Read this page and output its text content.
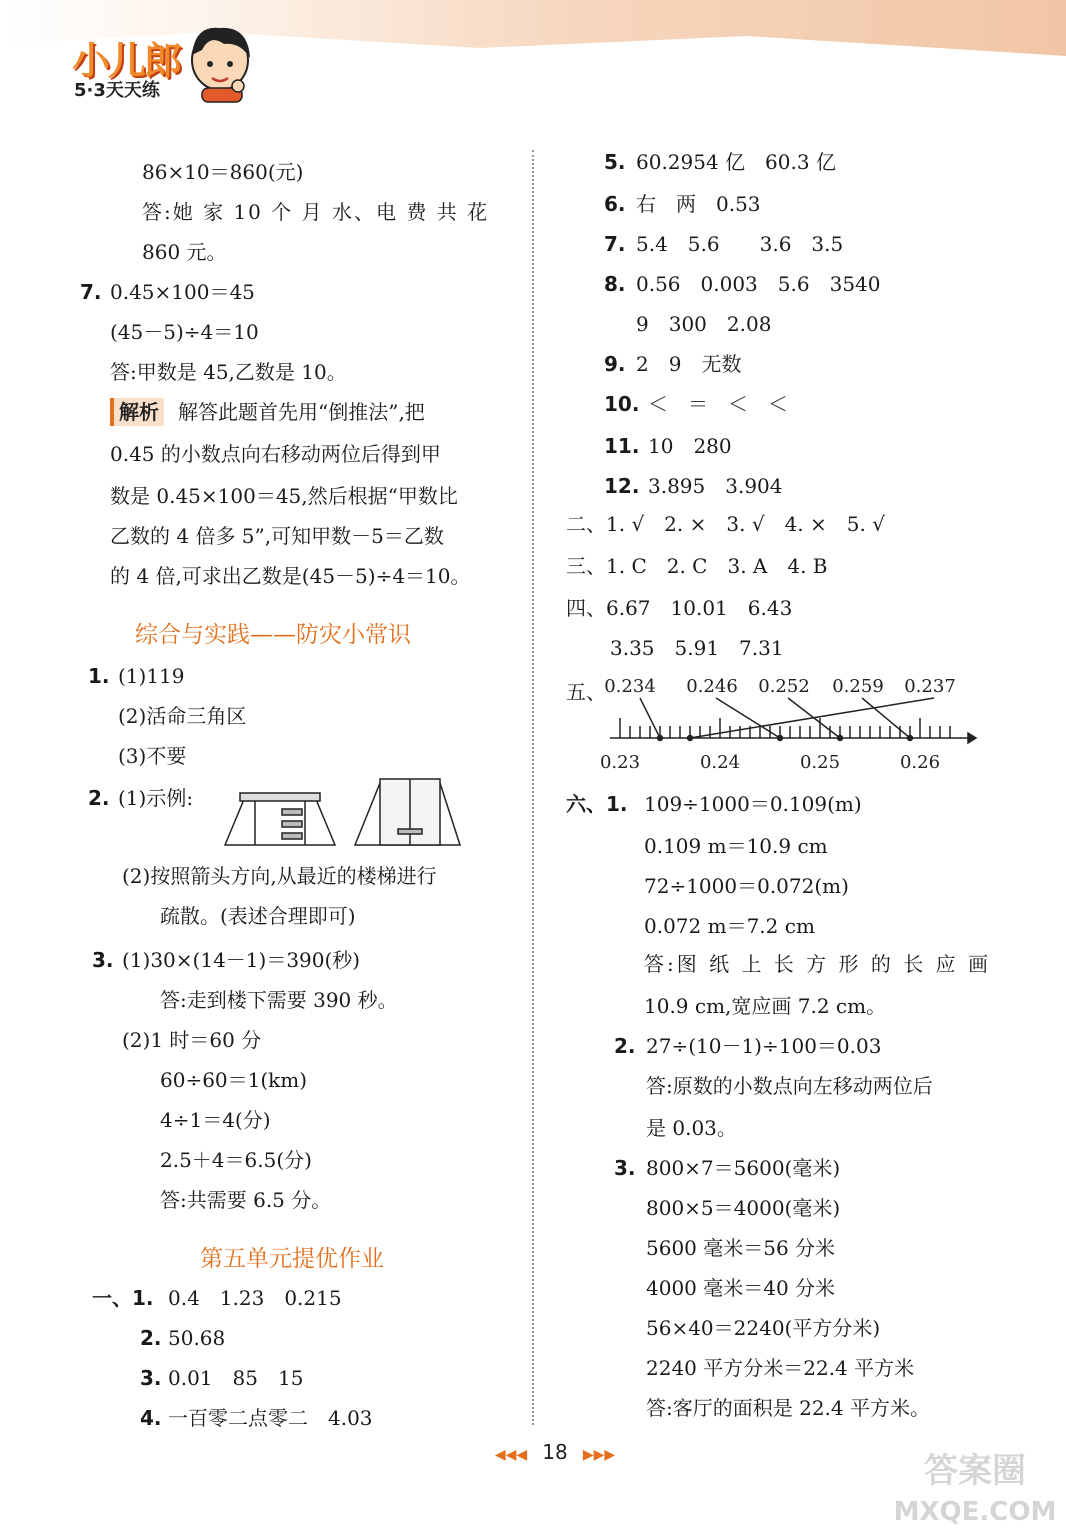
小儿郎
5·3天天练
86×10＝860(元)
答:她 家 10 个 月 水、电 费 共 花
860 元。
7. 0.45×100＝45
(45－5)÷4＝10
答:甲数是 45,乙数是 10。
解析 解答此题首先用“倒推法”,把
0.45 的小数点向右移动两位后得到甲
数是 0.45×100＝45,然后根据“甲数比
乙数的 4 倍多 5”,可知甲数－5＝乙数
的 4 倍,可求出乙数是(45－5)÷4＝10。
综合与实践——防灾小常识
1. (1)119
(2)活命三角区
(3)不要
2. (1)示例:
(2)按照箭头方向,从最近的楼梯进行
疏散。(表述合理即可)
3. (1)30×(14－1)＝390(秒)
答:走到楼下需要 390 秒。
(2)1 时＝60 分
60÷60＝1(km)
4÷1＝4(分)
2.5＋4＝6.5(分)
答:共需要 6.5 分。
第五单元提优作业
一、1. 0.4　1.23　0.215
2. 50.68
3. 0.01　85　15
4. 一百零二点零二　4.03
5. 60.2954 亿　60.3 亿
6. 右　两　0.53
7. 5.4　5.6　　3.6　3.5
8. 0.56　0.003　5.6　3540
9　300　2.08
9. 2　9　无数
10. ＜　＝　＜　＜
11. 10　280
12. 3.895　3.904
二、1. √　2. ×　3. √　4. ×　5. √
三、1. C　2. C　3. A　4. B
四、6.67　10.01　6.43
3.35　5.91　7.31
五、
0.23	0.24	0.25	0.26
0.234 0.246 0.252 0.259 0.237
六、1. 109÷1000＝0.109(m)
0.109 m＝10.9 cm
72÷1000＝0.072(m)
0.072 m＝7.2 cm
答:图 纸 上 长 方 形 的 长 应 画
10.9 cm,宽应画 7.2 cm。
2. 27÷(10－1)÷100＝0.03
答:原数的小数点向左移动两位后
是 0.03。
3. 800×7＝5600(毫米)
800×5＝4000(毫米)
5600 毫米＝56 分米
4000 毫米＝40 分米
56×40＝2240(平方分米)
2240 平方分米＝22.4 平方米
答:客厅的面积是 22.4 平方米。
◀◀◀ 18 ▶▶▶	答案圈
MXQE.COM
